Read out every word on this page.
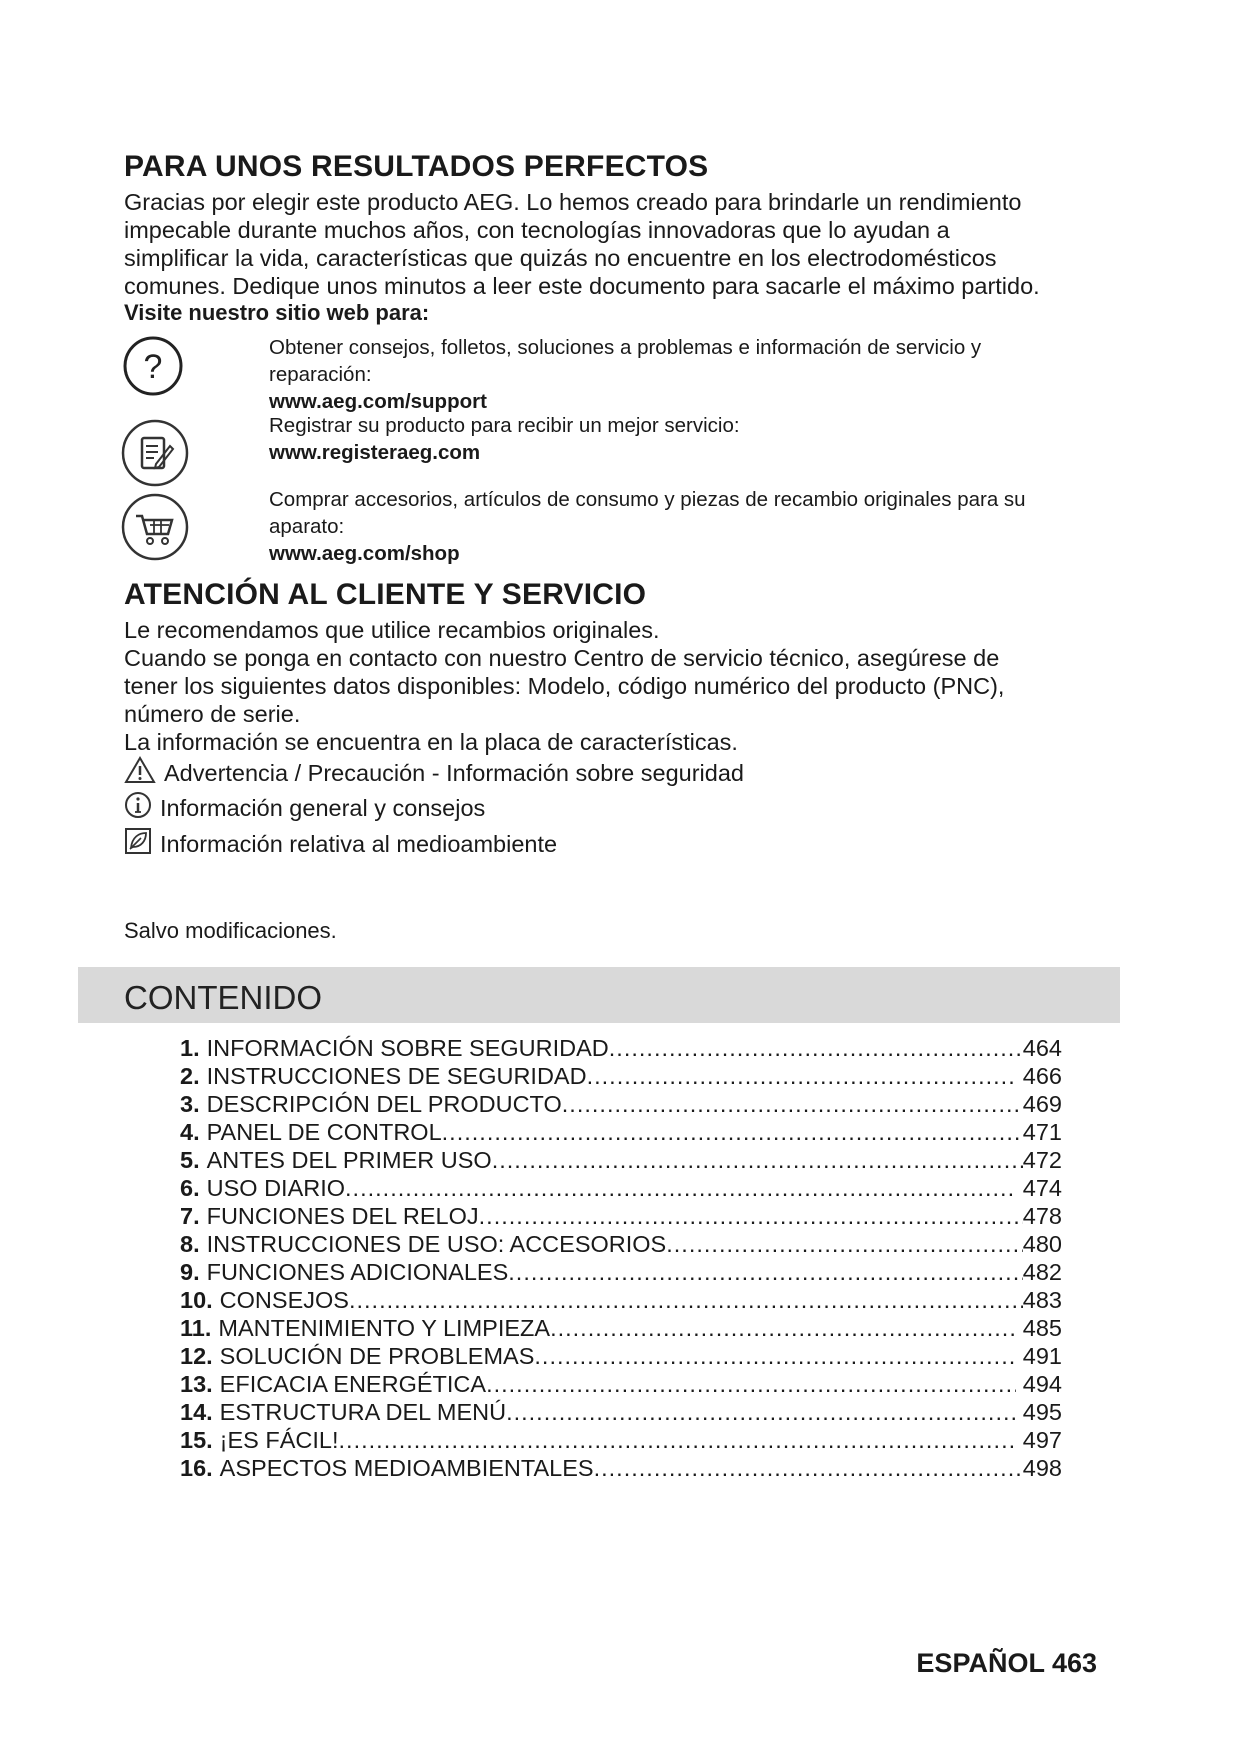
PARA UNOS RESULTADOS PERFECTOS
Gracias por elegir este producto AEG. Lo hemos creado para brindarle un rendimiento
impecable durante muchos años, con tecnologías innovadoras que lo ayudan a
simplificar la vida, características que quizás no encuentre en los electrodomésticos
comunes. Dedique unos minutos a leer este documento para sacarle el máximo partido.
Visite nuestro sitio web para:
?
Obtener consejos, folletos, soluciones a problemas e información de servicio y
reparación:
www.aeg.com/support
Registrar su producto para recibir un mejor servicio:
www.registeraeg.com
Comprar accesorios, artículos de consumo y piezas de recambio originales para su
aparato:
www.aeg.com/shop
ATENCIÓN AL CLIENTE Y SERVICIO
Le recomendamos que utilice recambios originales.
Cuando se ponga en contacto con nuestro Centro de servicio técnico, asegúrese de
tener los siguientes datos disponibles: Modelo, código numérico del producto (PNC),
número de serie.
La información se encuentra en la placa de características.
Advertencia / Precaución - Información sobre seguridad
Información general y consejos
Información relativa al medioambiente
Salvo modificaciones.
CONTENIDO
1. INFORMACIÓN SOBRE SEGURIDAD .....	464
2. INSTRUCCIONES DE SEGURIDAD .....	466
3. DESCRIPCIÓN DEL PRODUCTO .....	469
4. PANEL DE CONTROL .....	471
5. ANTES DEL PRIMER USO .....	472
6. USO DIARIO .....	474
7. FUNCIONES DEL RELOJ .....	478
8. INSTRUCCIONES DE USO: ACCESORIOS .....	480
9. FUNCIONES ADICIONALES .....	482
10. CONSEJOS .....	483
11. MANTENIMIENTO Y LIMPIEZA .....	485
12. SOLUCIÓN DE PROBLEMAS .....	491
13. EFICACIA ENERGÉTICA .....	494
14. ESTRUCTURA DEL MENÚ .....	495
15. ¡ES FÁCIL! .....	497
16. ASPECTOS MEDIOAMBIENTALES .....	498
ESPAÑOL 463
